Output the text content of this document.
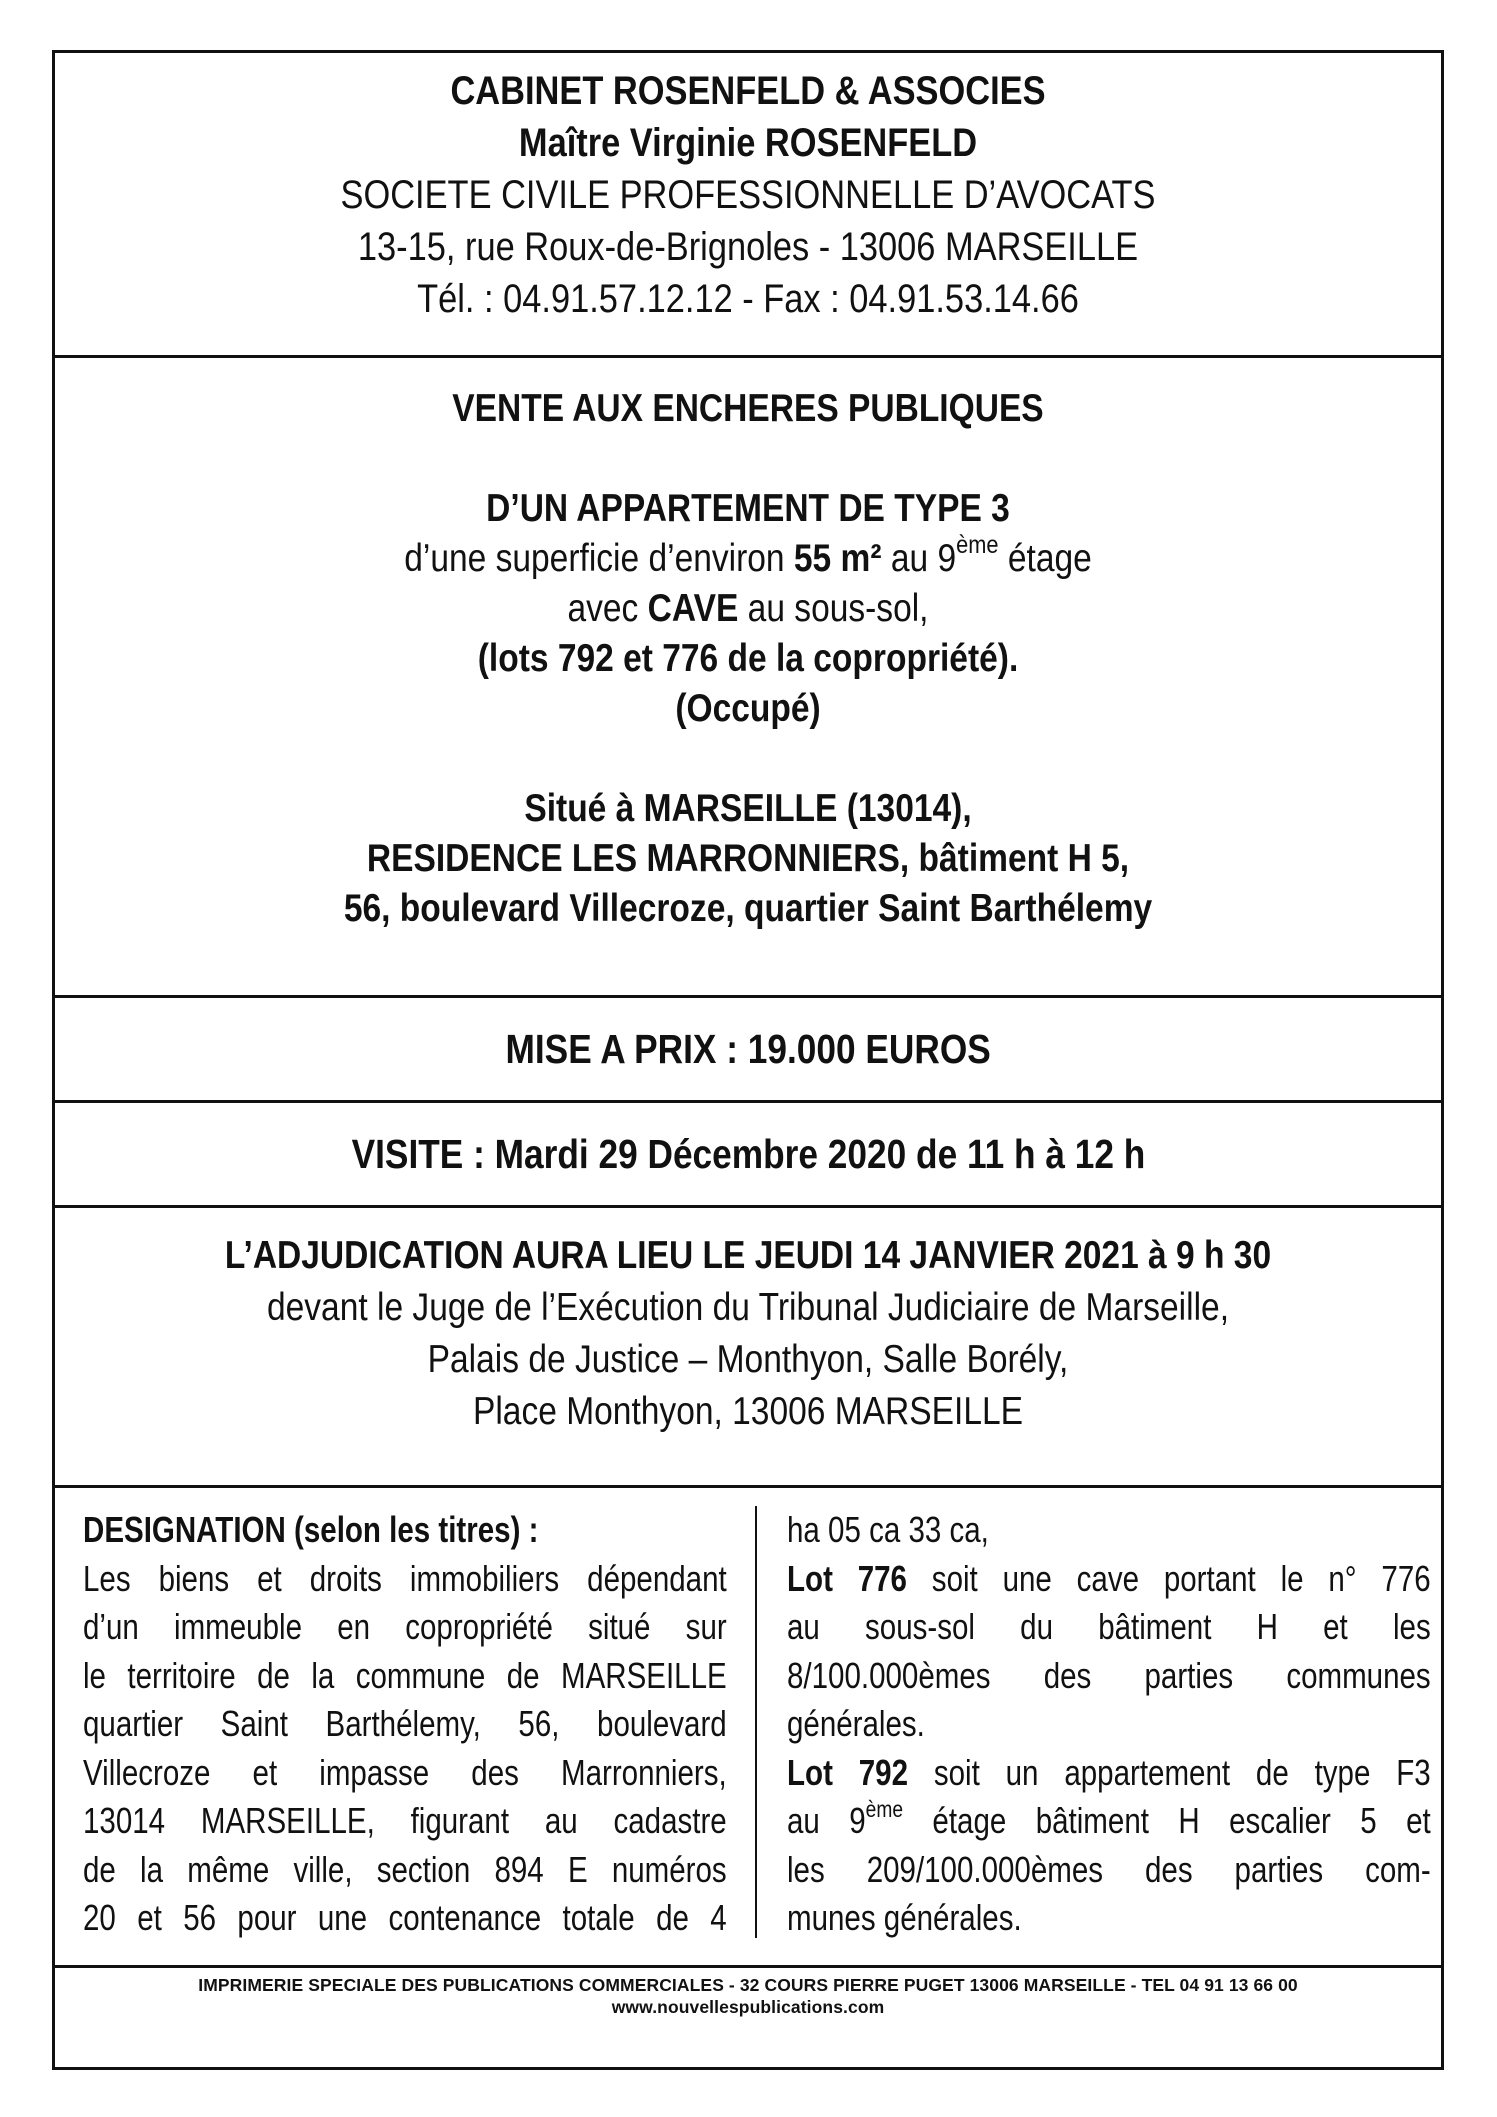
CABINET ROSENFELD & ASSOCIES
Maître Virginie ROSENFELD
SOCIETE CIVILE PROFESSIONNELLE D’AVOCATS
13-15, rue Roux-de-Brignoles - 13006 MARSEILLE
Tél. : 04.91.57.12.12 - Fax : 04.91.53.14.66
VENTE AUX ENCHERES PUBLIQUES
D’UN APPARTEMENT DE TYPE 3
d’une superficie d’environ 55 m² au 9ème étage
avec CAVE au sous-sol,
(lots 792 et 776 de la copropriété).
(Occupé)
Situé à MARSEILLE (13014),
RESIDENCE LES MARRONNIERS, bâtiment H 5,
56, boulevard Villecroze, quartier Saint Barthélemy
MISE A PRIX : 19.000 EUROS
VISITE : Mardi 29 Décembre 2020 de 11 h à 12 h
L’ADJUDICATION AURA LIEU LE JEUDI 14 JANVIER 2021 à 9 h 30
devant le Juge de l’Exécution du Tribunal Judiciaire de Marseille,
Palais de Justice – Monthyon, Salle Borély,
Place Monthyon, 13006 MARSEILLE
DESIGNATION (selon les titres) :
Les biens et droits immobiliers dépendant
d’un immeuble en copropriété situé sur
le territoire de la commune de MARSEILLE
quartier Saint Barthélemy, 56, boulevard
Villecroze et impasse des Marronniers,
13014 MARSEILLE, figurant au cadastre
de la même ville, section 894 E numéros
20 et 56 pour une contenance totale de 4
ha 05 ca 33 ca,
Lot 776 soit une cave portant le n° 776
au sous-sol du bâtiment H et les
8/100.000èmes des parties communes
générales.
Lot 792 soit un appartement de type F3
au 9ème étage bâtiment H escalier 5 et
les 209/100.000èmes des parties com-
munes générales.
IMPRIMERIE SPECIALE DES PUBLICATIONS COMMERCIALES - 32 COURS PIERRE PUGET 13006 MARSEILLE - TEL 04 91 13 66 00
www.nouvellespublications.com
